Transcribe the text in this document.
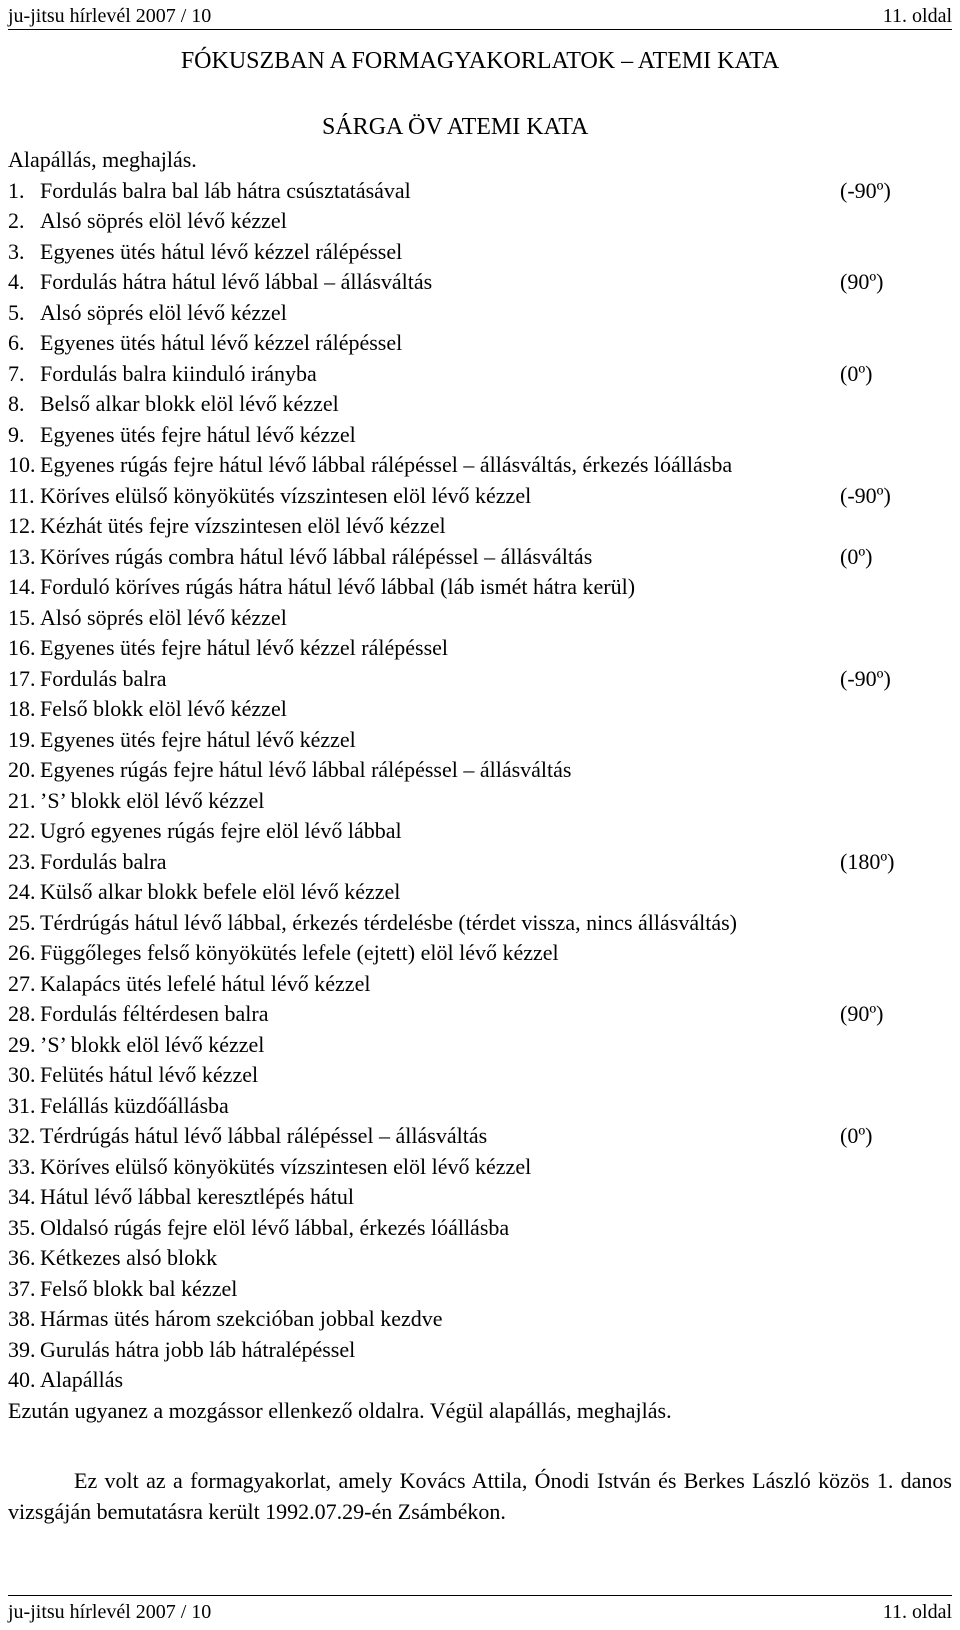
ju-jitsu hírlevél 2007 / 10	11. oldal
FÓKUSZBAN A FORMAGYAKORLATOK – ATEMI KATA
SÁRGA ÖV ATEMI KATA
Alapállás, meghajlás.
1. Fordulás balra bal láb hátra csúsztatásával	(-90º)
2. Alsó söprés elöl lévő kézzel
3. Egyenes ütés hátul lévő kézzel rálépéssel
4. Fordulás hátra hátul lévő lábbal – állásváltás	(90º)
5. Alsó söprés elöl lévő kézzel
6. Egyenes ütés hátul lévő kézzel rálépéssel
7. Fordulás balra kiinduló irányba	(0º)
8. Belső alkar blokk elöl lévő kézzel
9. Egyenes ütés fejre hátul lévő kézzel
10. Egyenes rúgás fejre hátul lévő lábbal rálépéssel – állásváltás, érkezés lóállásba
11. Köríves elülső könyökütés vízszintesen elöl lévő kézzel	(-90º)
12. Kézhát ütés fejre vízszintesen elöl lévő kézzel
13. Köríves rúgás combra hátul lévő lábbal rálépéssel – állásváltás	(0º)
14. Forduló köríves rúgás hátra hátul lévő lábbal (láb ismét hátra kerül)
15. Alsó söprés elöl lévő kézzel
16. Egyenes ütés fejre hátul lévő kézzel rálépéssel
17. Fordulás balra	(-90º)
18. Felső blokk elöl lévő kézzel
19. Egyenes ütés fejre hátul lévő kézzel
20. Egyenes rúgás fejre hátul lévő lábbal rálépéssel – állásváltás
21. ’S’ blokk elöl lévő kézzel
22. Ugró egyenes rúgás fejre elöl lévő lábbal
23. Fordulás balra	(180º)
24. Külső alkar blokk befele elöl lévő kézzel
25. Térdrúgás hátul lévő lábbal, érkezés térdelésbe (térdet vissza, nincs állásváltás)
26. Függőleges felső könyökütés lefele (ejtett) elöl lévő kézzel
27. Kalapács ütés lefelé hátul lévő kézzel
28. Fordulás féltérdesen balra	(90º)
29. ’S’ blokk elöl lévő kézzel
30. Felütés hátul lévő kézzel
31. Felállás küzdőállásba
32. Térdrúgás hátul lévő lábbal rálépéssel – állásváltás	(0º)
33. Köríves elülső könyökütés vízszintesen elöl lévő kézzel
34. Hátul lévő lábbal keresztlépés hátul
35. Oldalsó rúgás fejre elöl lévő lábbal, érkezés lóállásba
36. Kétkezes alsó blokk
37. Felső blokk bal kézzel
38. Hármas ütés három szekcióban jobbal kezdve
39. Gurulás hátra jobb láb hátralépéssel
40. Alapállás
Ezután ugyanez a mozgássor ellenkező oldalra. Végül alapállás, meghajlás.
Ez volt az a formagyakorlat, amely Kovács Attila, Ónodi István és Berkes László közös 1. danos vizsgáján bemutatásra került 1992.07.29-én Zsámbékon.
ju-jitsu hírlevél 2007 / 10	11. oldal
